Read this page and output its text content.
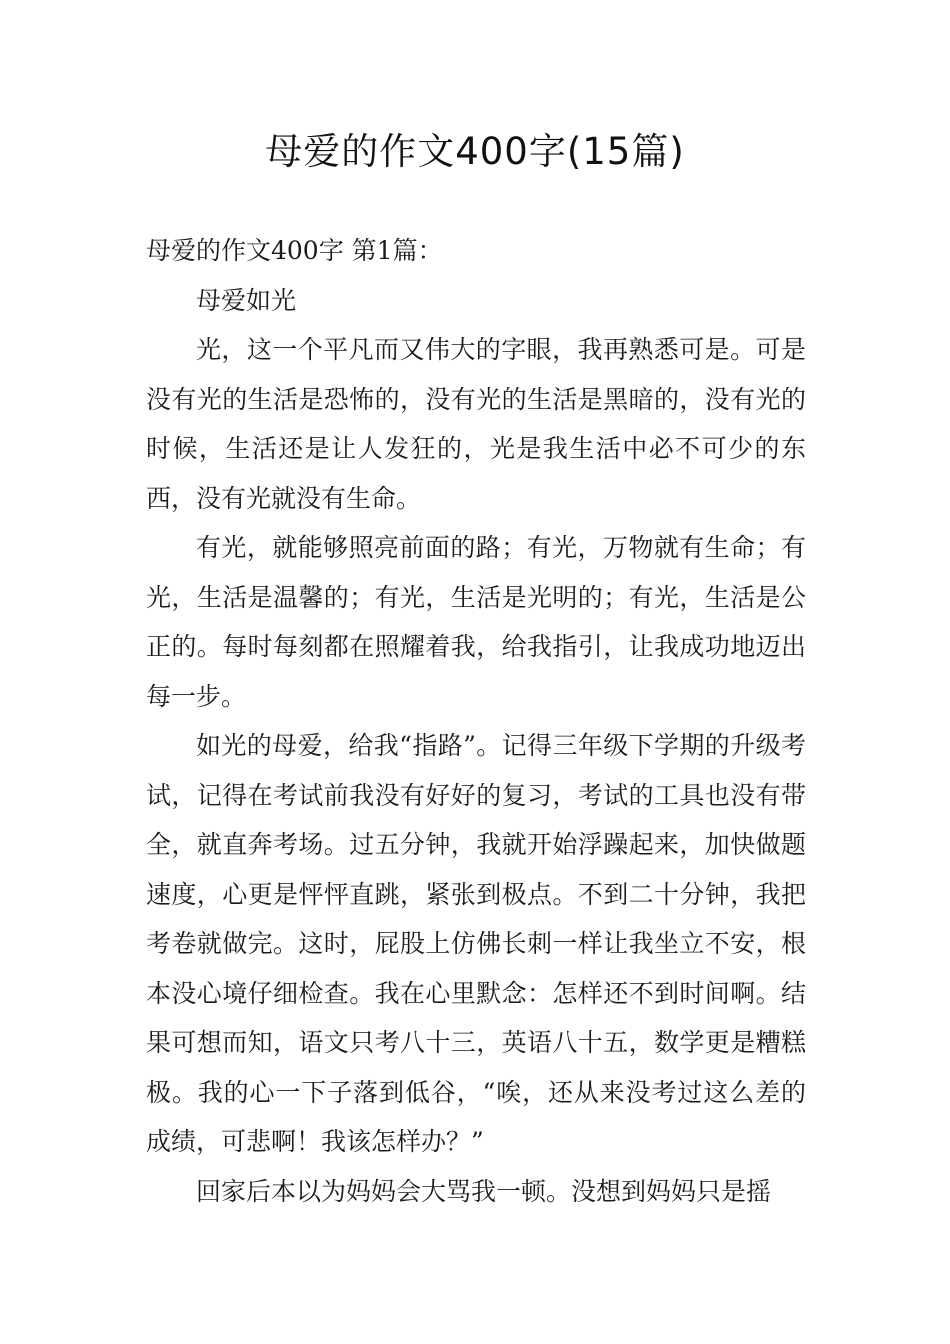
母爱的作文400字(15篇)

母爱的作文400字 第1篇：

母爱如光

光，这一个平凡而又伟大的字眼，我再熟悉可是。可是没有光的生活是恐怖的，没有光的生活是黑暗的，没有光的时候，生活还是让人发狂的，光是我生活中必不可少的东西，没有光就没有生命。

有光，就能够照亮前面的路；有光，万物就有生命；有光，生活是温馨的；有光，生活是光明的；有光，生活是公正的。每时每刻都在照耀着我，给我指引，让我成功地迈出每一步。

如光的母爱，给我“指路”。记得三年级下学期的升级考试，记得在考试前我没有好好的复习，考试的工具也没有带全，就直奔考场。过五分钟，我就开始浮躁起来，加快做题速度，心更是怦怦直跳，紧张到极点。不到二十分钟，我把考卷就做完。这时，屁股上仿佛长刺一样让我坐立不安，根本没心境仔细检查。我在心里默念：怎样还不到时间啊。结果可想而知，语文只考八十三，英语八十五，数学更是糟糕极。我的心一下子落到低谷，“唉，还从来没考过这么差的成绩，可悲啊！我该怎样办？”

回家后本以为妈妈会大骂我一顿。没想到妈妈只是摇
